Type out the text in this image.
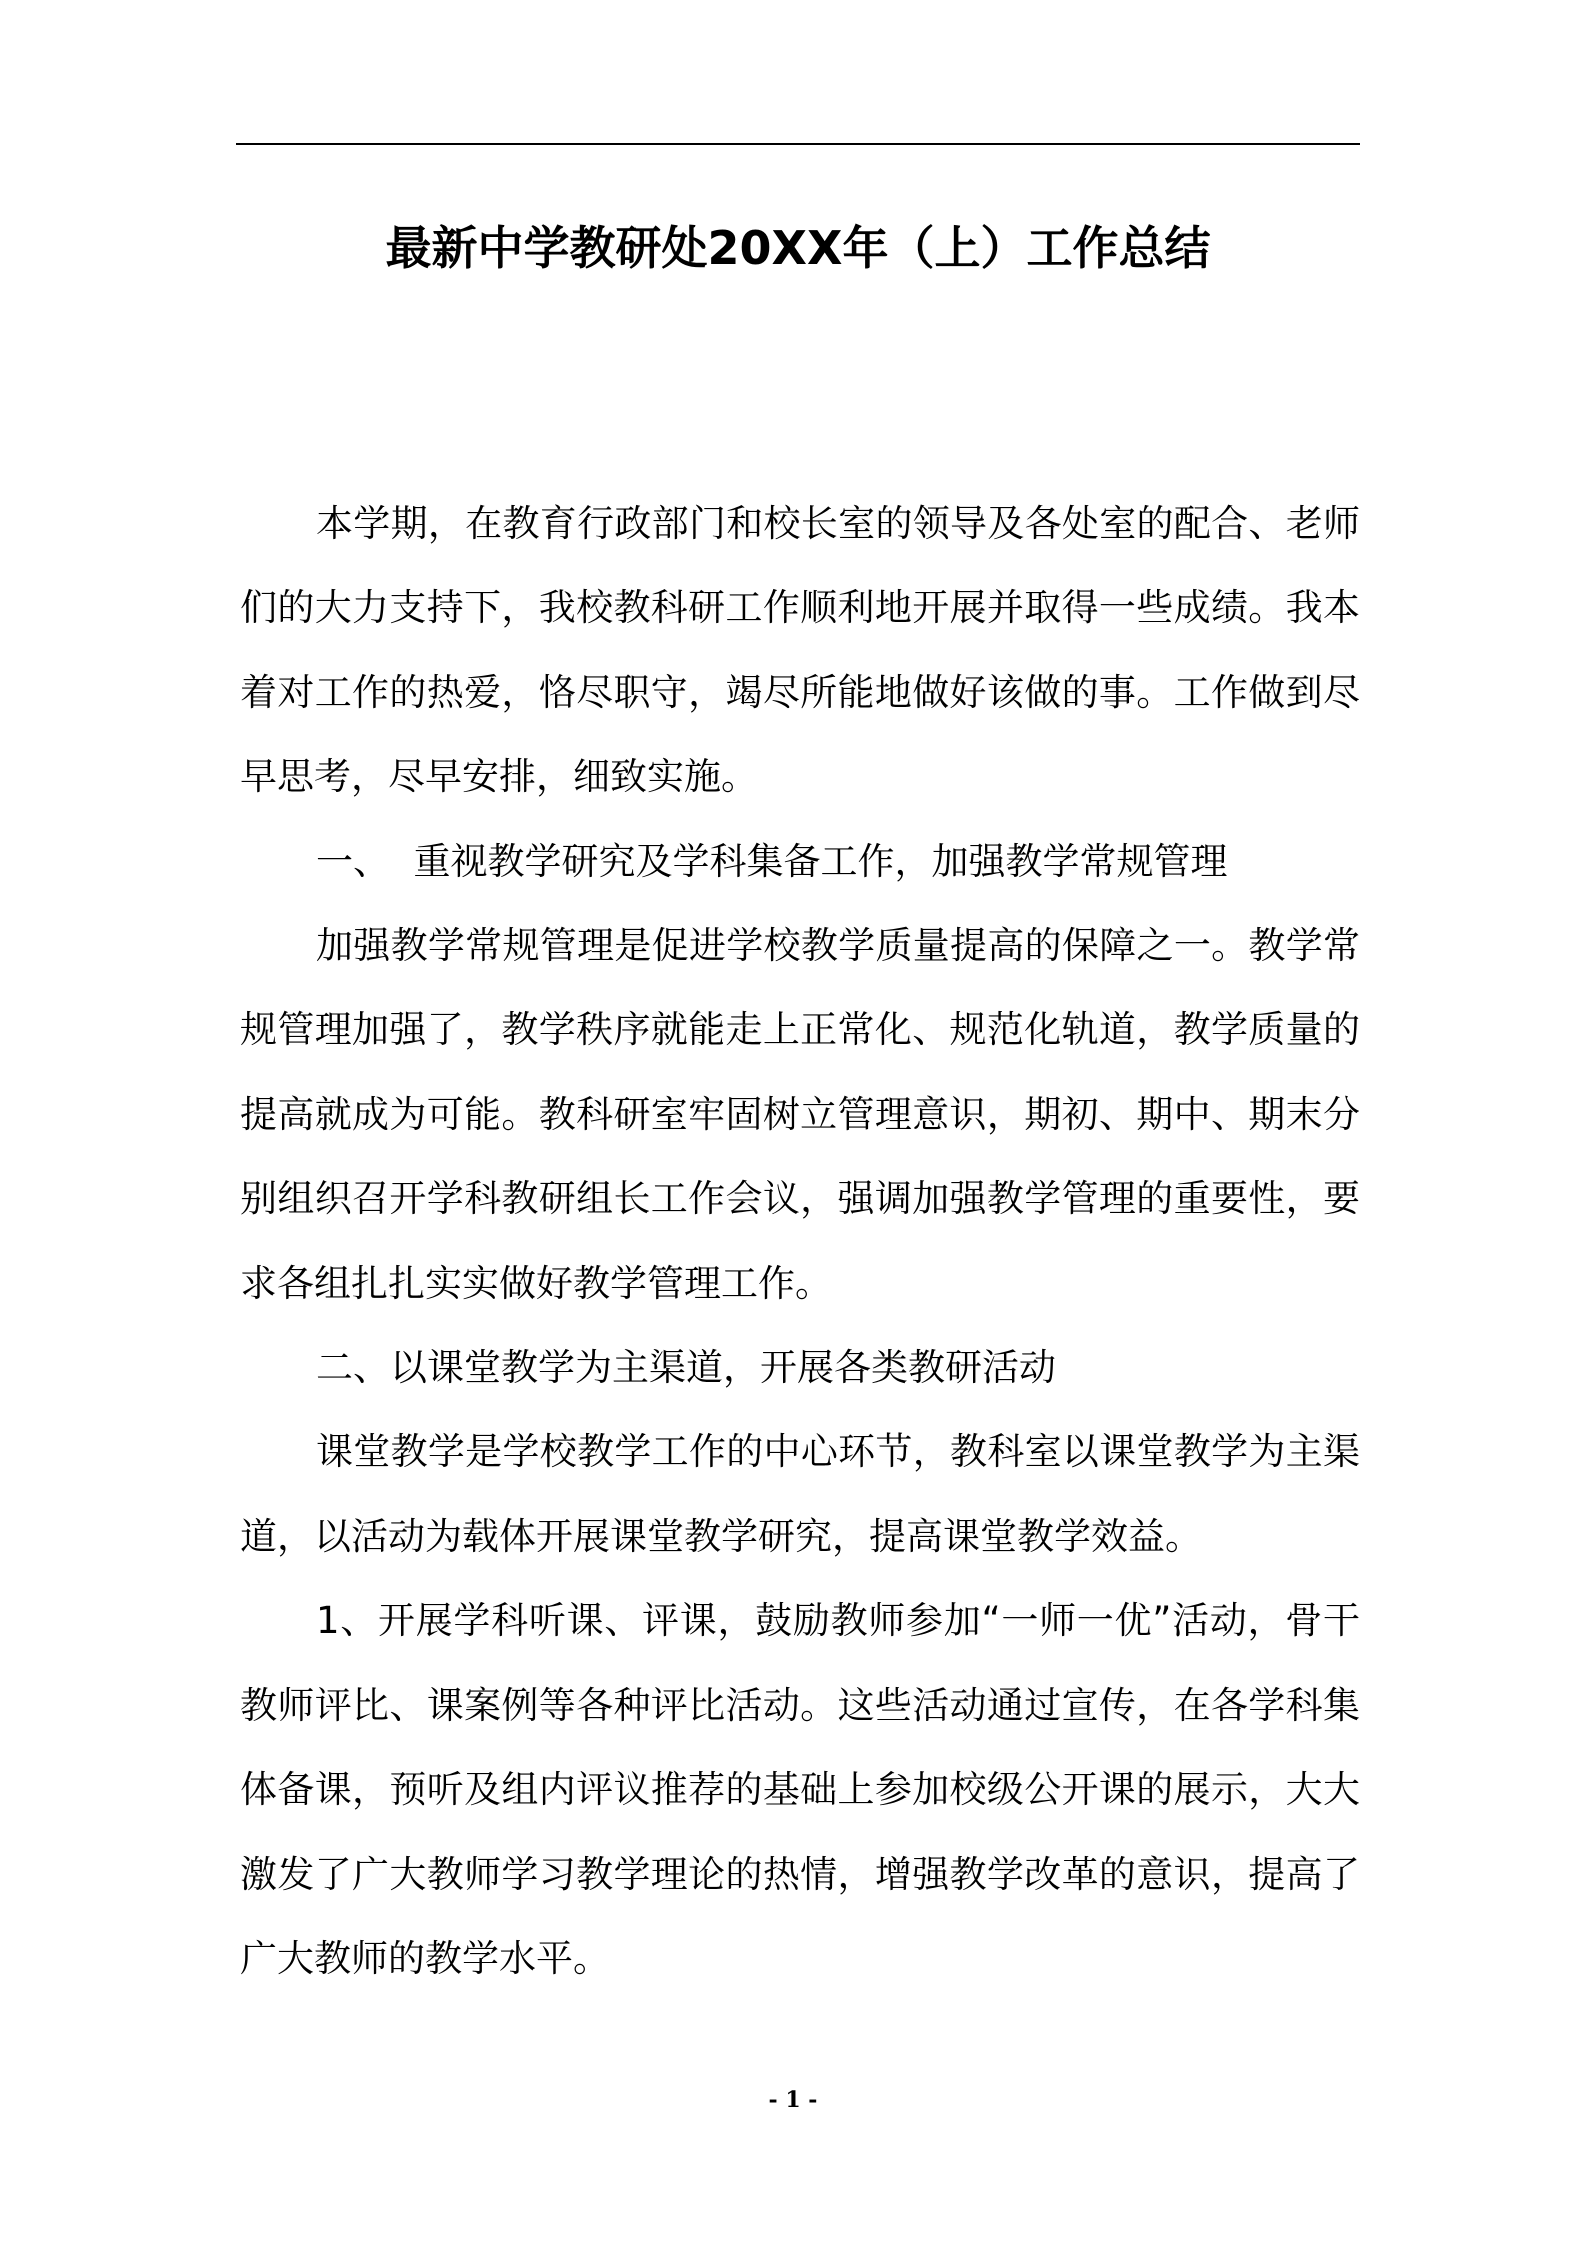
最新中学教研处20XX年（上）工作总结

本学期，在教育行政部门和校长室的领导及各处室的配合、老师们的大力支持下，我校教科研工作顺利地开展并取得一些成绩。我本着对工作的热爱，恪尽职守，竭尽所能地做好该做的事。工作做到尽早思考，尽早安排，细致实施。

一、  重视教学研究及学科集备工作，加强教学常规管理

加强教学常规管理是促进学校教学质量提高的保障之一。教学常规管理加强了，教学秩序就能走上正常化、规范化轨道，教学质量的提高就成为可能。教科研室牢固树立管理意识，期初、期中、期末分别组织召开学科教研组长工作会议，强调加强教学管理的重要性，要求各组扎扎实实做好教学管理工作。

二、以课堂教学为主渠道，开展各类教研活动

课堂教学是学校教学工作的中心环节，教科室以课堂教学为主渠道，以活动为载体开展课堂教学研究，提高课堂教学效益。

1、开展学科听课、评课，鼓励教师参加“一师一优”活动，骨干教师评比、课案例等各种评比活动。这些活动通过宣传，在各学科集体备课，预听及组内评议推荐的基础上参加校级公开课的展示，大大激发了广大教师学习教学理论的热情，增强教学改革的意识，提高了广大教师的教学水平。

- 1 -
